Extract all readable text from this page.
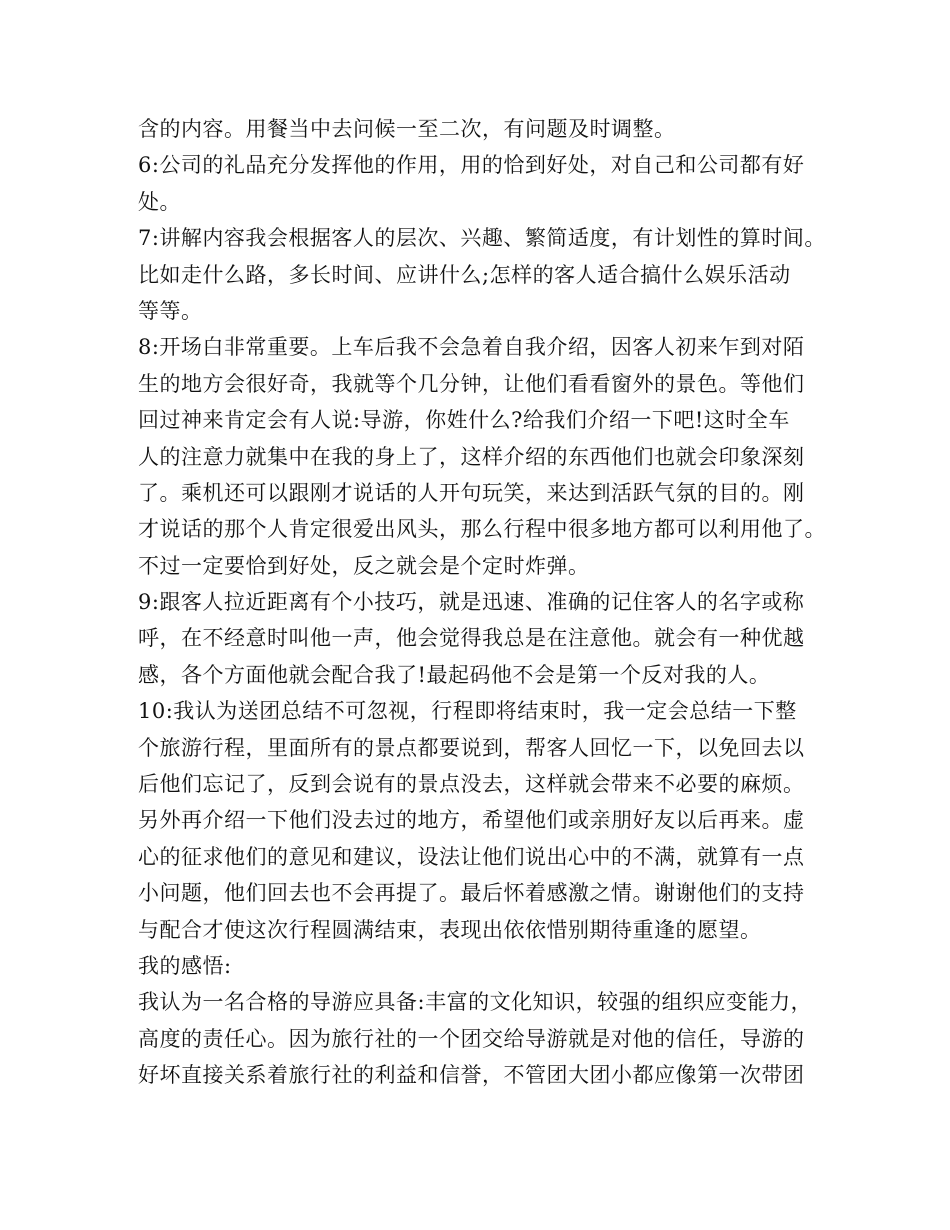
含的内容。用餐当中去问候一至二次，有问题及时调整。
6:公司的礼品充分发挥他的作用，用的恰到好处，对自己和公司都有好
处。
7:讲解内容我会根据客人的层次、兴趣、繁简适度，有计划性的算时间。
比如走什么路，多长时间、应讲什么;怎样的客人适合搞什么娱乐活动
等等。
8:开场白非常重要。上车后我不会急着自我介绍，因客人初来乍到对陌
生的地方会很好奇，我就等个几分钟，让他们看看窗外的景色。等他们
回过神来肯定会有人说:导游，你姓什么?给我们介绍一下吧!这时全车
人的注意力就集中在我的身上了，这样介绍的东西他们也就会印象深刻
了。乘机还可以跟刚才说话的人开句玩笑，来达到活跃气氛的目的。刚
才说话的那个人肯定很爱出风头，那么行程中很多地方都可以利用他了。
不过一定要恰到好处，反之就会是个定时炸弹。
9:跟客人拉近距离有个小技巧，就是迅速、准确的记住客人的名字或称
呼，在不经意时叫他一声，他会觉得我总是在注意他。就会有一种优越
感，各个方面他就会配合我了!最起码他不会是第一个反对我的人。
10:我认为送团总结不可忽视，行程即将结束时，我一定会总结一下整
个旅游行程，里面所有的景点都要说到，帮客人回忆一下，以免回去以
后他们忘记了，反到会说有的景点没去，这样就会带来不必要的麻烦。
另外再介绍一下他们没去过的地方，希望他们或亲朋好友以后再来。虚
心的征求他们的意见和建议，设法让他们说出心中的不满，就算有一点
小问题，他们回去也不会再提了。最后怀着感激之情。谢谢他们的支持
与配合才使这次行程圆满结束，表现出依依惜别期待重逢的愿望。
我的感悟:
我认为一名合格的导游应具备:丰富的文化知识，较强的组织应变能力，
高度的责任心。因为旅行社的一个团交给导游就是对他的信任，导游的
好坏直接关系着旅行社的利益和信誉，不管团大团小都应像第一次带团
